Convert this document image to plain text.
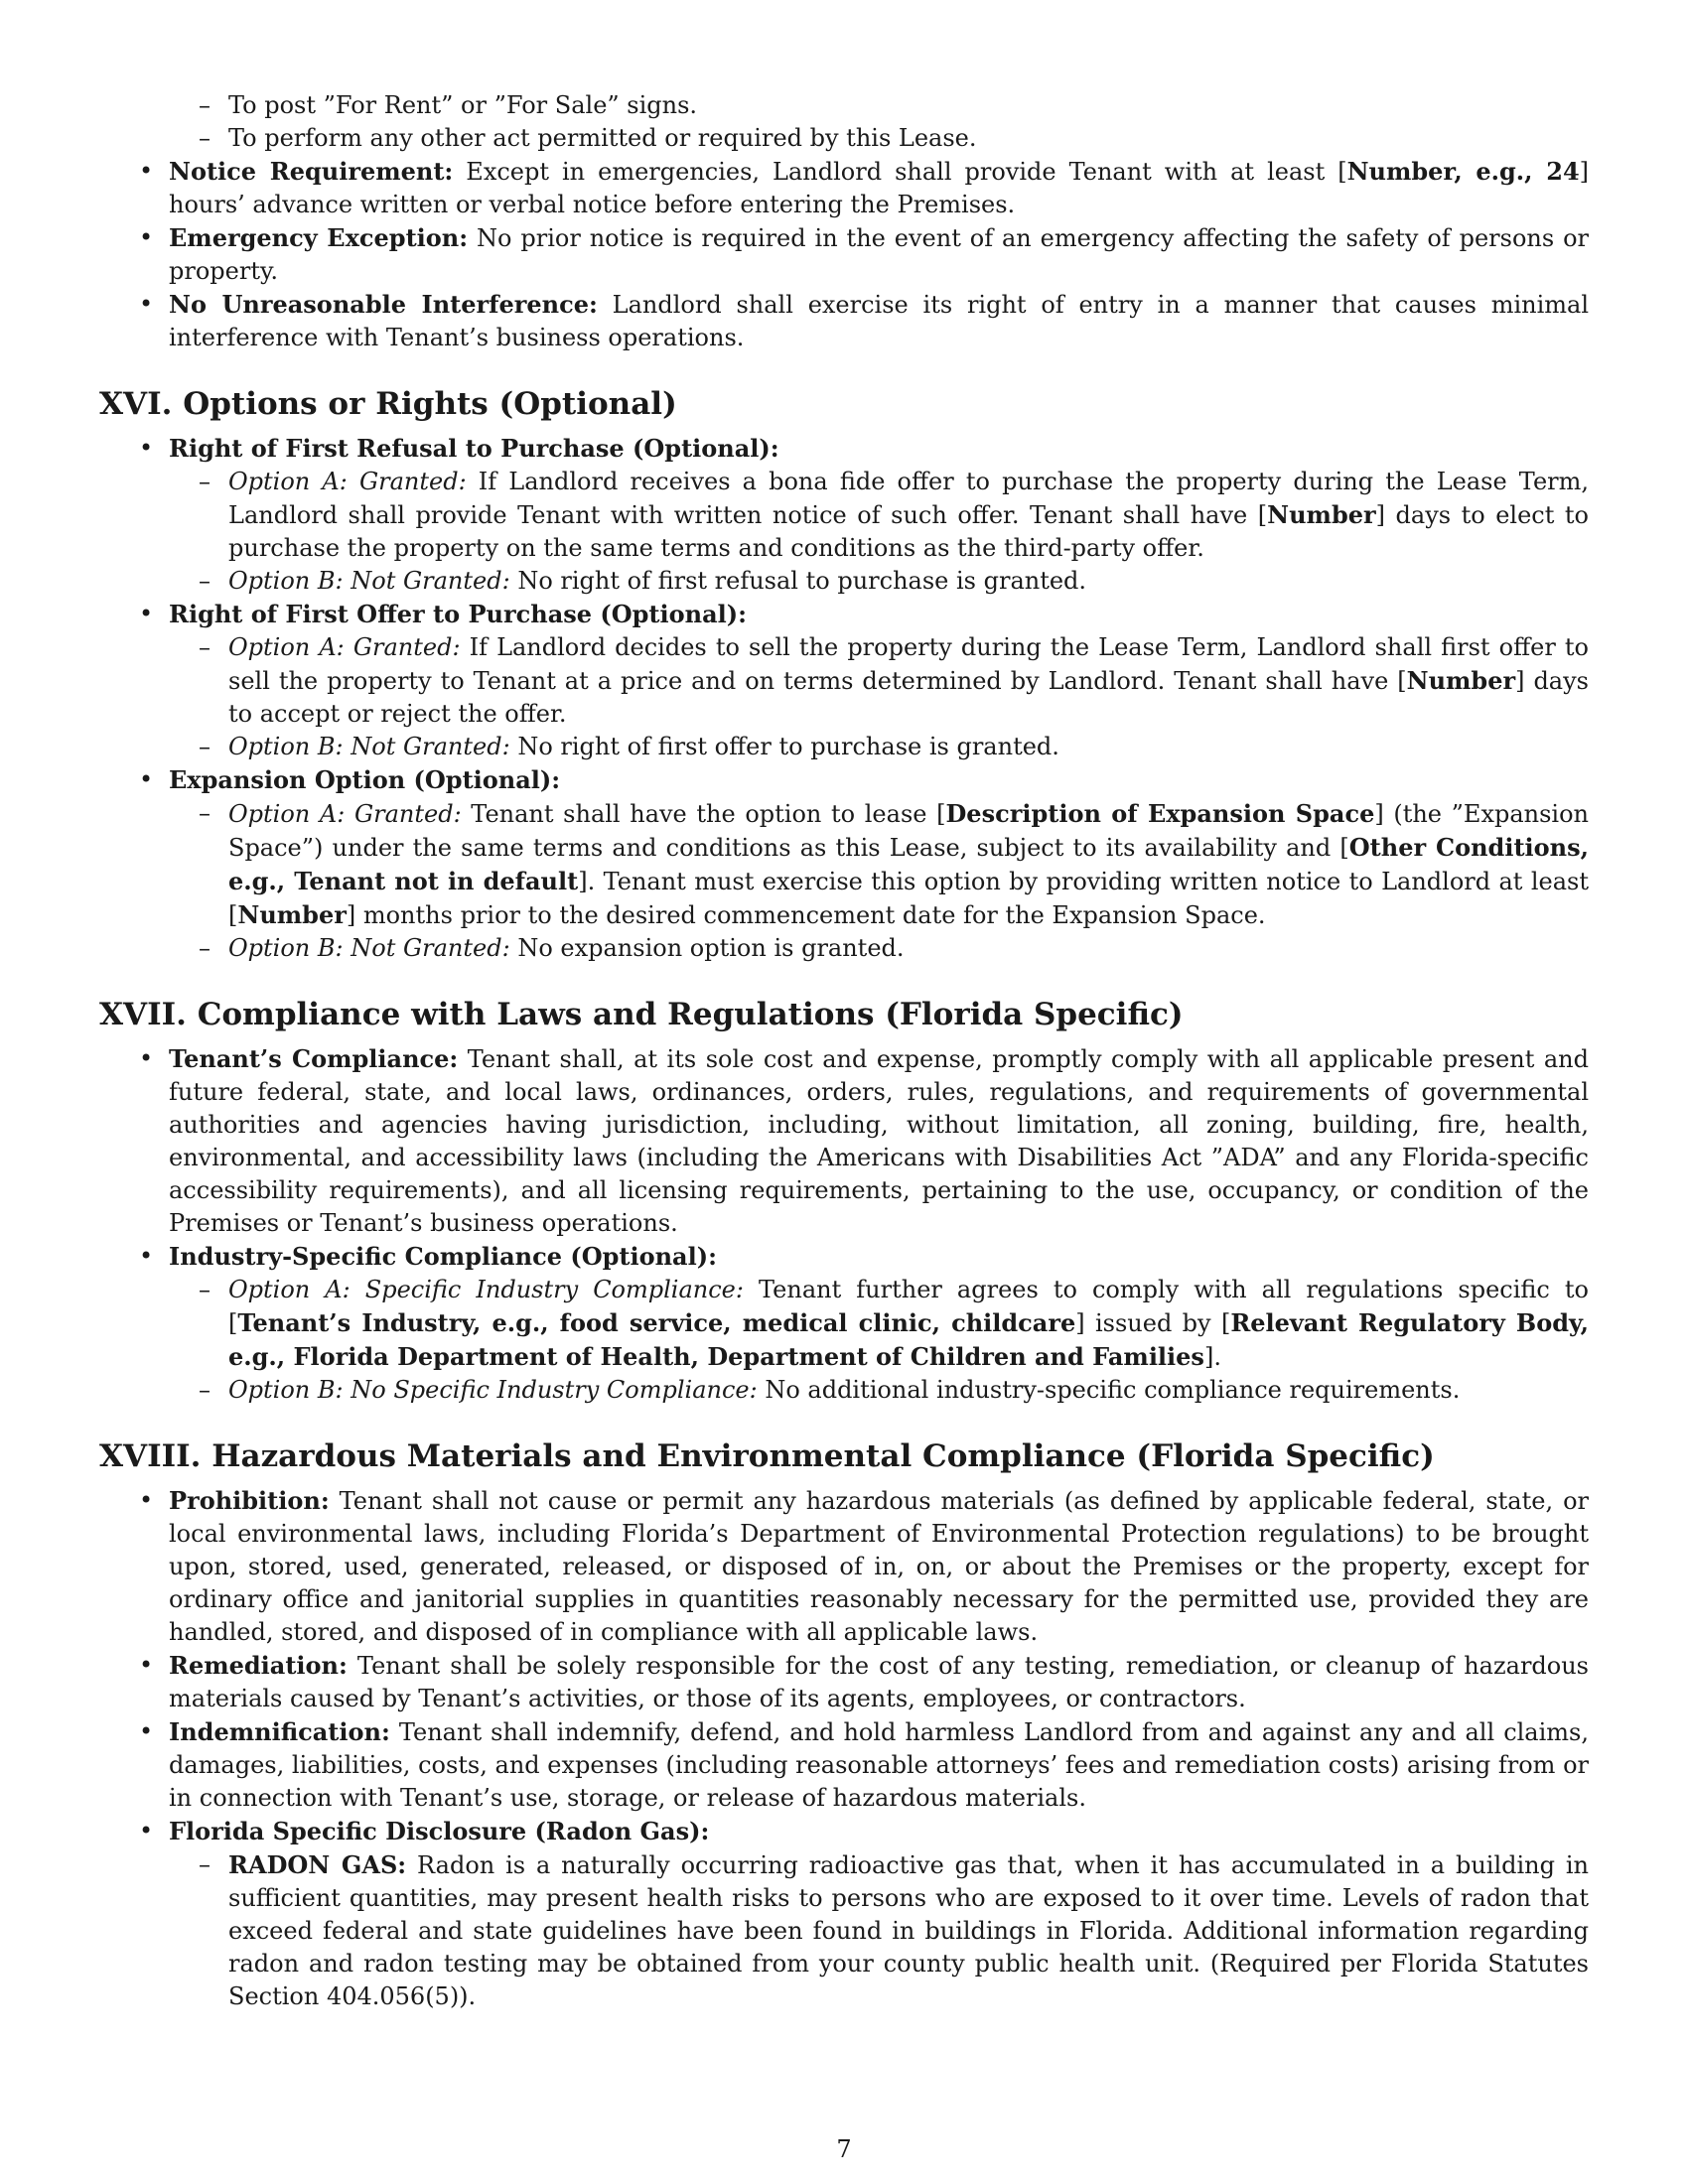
– To post ”For Rent” or ”For Sale” signs.
– To perform any other act permitted or required by this Lease.
• Notice Requirement: Except in emergencies, Landlord shall provide Tenant with at least [Number, e.g., 24] hours’ advance written or verbal notice before entering the Premises.
• Emergency Exception: No prior notice is required in the event of an emergency affecting the safety of persons or property.
• No Unreasonable Interference: Landlord shall exercise its right of entry in a manner that causes minimal interference with Tenant’s business operations.
XVI. Options or Rights (Optional)
• Right of First Refusal to Purchase (Optional):
– Option A: Granted: If Landlord receives a bona fide offer to purchase the property during the Lease Term, Landlord shall provide Tenant with written notice of such offer. Tenant shall have [Number] days to elect to purchase the property on the same terms and conditions as the third-party offer.
– Option B: Not Granted: No right of first refusal to purchase is granted.
• Right of First Offer to Purchase (Optional):
– Option A: Granted: If Landlord decides to sell the property during the Lease Term, Landlord shall first offer to sell the property to Tenant at a price and on terms determined by Landlord. Tenant shall have [Number] days to accept or reject the offer.
– Option B: Not Granted: No right of first offer to purchase is granted.
• Expansion Option (Optional):
– Option A: Granted: Tenant shall have the option to lease [Description of Expansion Space] (the ”Expansion Space”) under the same terms and conditions as this Lease, subject to its availability and [Other Conditions, e.g., Tenant not in default]. Tenant must exercise this option by providing written notice to Landlord at least [Number] months prior to the desired commencement date for the Expansion Space.
– Option B: Not Granted: No expansion option is granted.
XVII. Compliance with Laws and Regulations (Florida Specific)
• Tenant’s Compliance: Tenant shall, at its sole cost and expense, promptly comply with all applicable present and future federal, state, and local laws, ordinances, orders, rules, regulations, and requirements of governmental authorities and agencies having jurisdiction, including, without limitation, all zoning, building, fire, health, environmental, and accessibility laws (including the Americans with Disabilities Act ”ADA” and any Florida-specific accessibility requirements), and all licensing requirements, pertaining to the use, occupancy, or condition of the Premises or Tenant’s business operations.
• Industry-Specific Compliance (Optional):
– Option A: Specific Industry Compliance: Tenant further agrees to comply with all regulations specific to [Tenant’s Industry, e.g., food service, medical clinic, childcare] issued by [Relevant Regulatory Body, e.g., Florida Department of Health, Department of Children and Families].
– Option B: No Specific Industry Compliance: No additional industry-specific compliance requirements.
XVIII. Hazardous Materials and Environmental Compliance (Florida Specific)
• Prohibition: Tenant shall not cause or permit any hazardous materials (as defined by applicable federal, state, or local environmental laws, including Florida’s Department of Environmental Protection regulations) to be brought upon, stored, used, generated, released, or disposed of in, on, or about the Premises or the property, except for ordinary office and janitorial supplies in quantities reasonably necessary for the permitted use, provided they are handled, stored, and disposed of in compliance with all applicable laws.
• Remediation: Tenant shall be solely responsible for the cost of any testing, remediation, or cleanup of hazardous materials caused by Tenant’s activities, or those of its agents, employees, or contractors.
• Indemnification: Tenant shall indemnify, defend, and hold harmless Landlord from and against any and all claims, damages, liabilities, costs, and expenses (including reasonable attorneys’ fees and remediation costs) arising from or in connection with Tenant’s use, storage, or release of hazardous materials.
• Florida Specific Disclosure (Radon Gas):
– RADON GAS: Radon is a naturally occurring radioactive gas that, when it has accumulated in a building in sufficient quantities, may present health risks to persons who are exposed to it over time. Levels of radon that exceed federal and state guidelines have been found in buildings in Florida. Additional information regarding radon and radon testing may be obtained from your county public health unit. (Required per Florida Statutes Section 404.056(5)).
7
